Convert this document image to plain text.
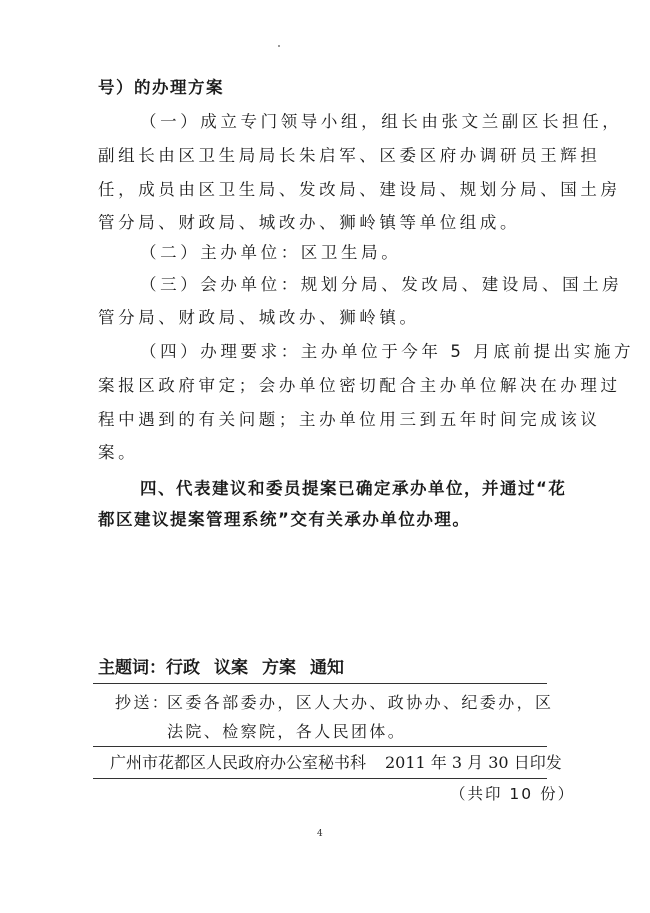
号）的办理方案
（一）成立专门领导小组，组长由张文兰副区长担任，
副组长由区卫生局局长朱启军、区委区府办调研员王辉担
任，成员由区卫生局、发改局、建设局、规划分局、国土房
管分局、财政局、城改办、狮岭镇等单位组成。
（二）主办单位：区卫生局。
（三）会办单位：规划分局、发改局、建设局、国土房
管分局、财政局、城改办、狮岭镇。
（四）办理要求：主办单位于今年 5 月底前提出实施方
案报区政府审定；会办单位密切配合主办单位解决在办理过
程中遇到的有关问题；主办单位用三到五年时间完成该议
案。
四、代表建议和委员提案已确定承办单位，并通过“花
都区建议提案管理系统”交有关承办单位办理。
主题词：行政 议案 方案 通知
抄送：
区委各部委办，区人大办、政协办、纪委办，区
法院、检察院，各人民团体。
广州市花都区人民政府办公室秘书科 2011 年 3 月 30 日印发
（共印 10 份）
4
